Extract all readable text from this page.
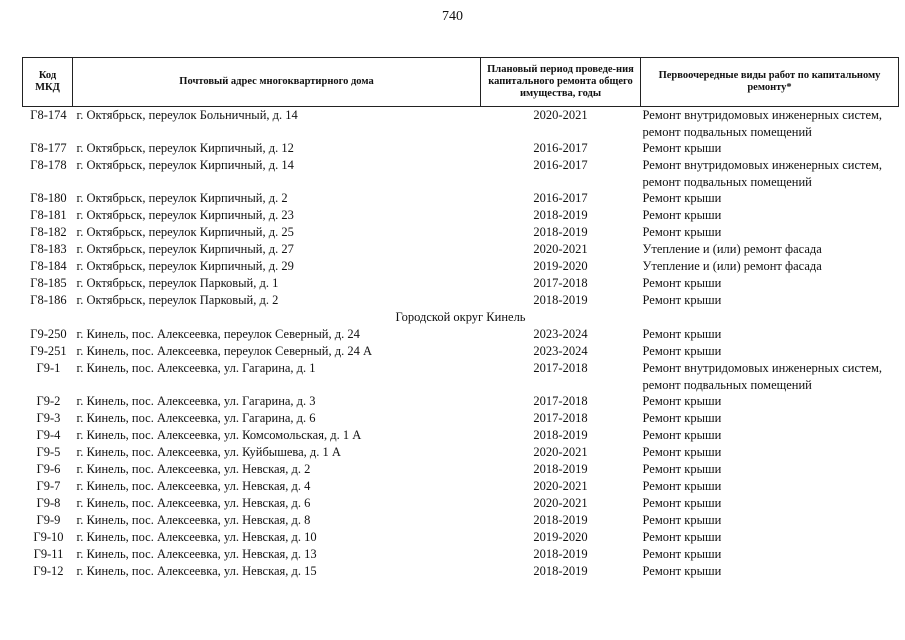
740
Код МКД	Почтовый адрес многоквартирного дома	Плановый период проведе-ния капитального ремонта общего имущества, годы	Первоочередные виды работ по капитальному ремонту*
Г8-174	г. Октябрьск, переулок Больничный, д. 14	2020-2021	Ремонт внутридомовых инженерных систем, ремонт подвальных помещений
Г8-177	г. Октябрьск, переулок Кирпичный, д. 12	2016-2017	Ремонт крыши
Г8-178	г. Октябрьск, переулок Кирпичный, д. 14	2016-2017	Ремонт внутридомовых инженерных систем, ремонт подвальных помещений
Г8-180	г. Октябрьск, переулок Кирпичный, д. 2	2016-2017	Ремонт крыши
Г8-181	г. Октябрьск, переулок Кирпичный, д. 23	2018-2019	Ремонт крыши
Г8-182	г. Октябрьск, переулок Кирпичный, д. 25	2018-2019	Ремонт крыши
Г8-183	г. Октябрьск, переулок Кирпичный, д. 27	2020-2021	Утепление и (или) ремонт фасада
Г8-184	г. Октябрьск, переулок Кирпичный, д. 29	2019-2020	Утепление и (или) ремонт фасада
Г8-185	г. Октябрьск, переулок Парковый, д. 1	2017-2018	Ремонт крыши
Г8-186	г. Октябрьск, переулок Парковый, д. 2	2018-2019	Ремонт крыши
Городской округ Кинель			
Г9-250	г. Кинель, пос. Алексеевка, переулок Северный, д. 24	2023-2024	Ремонт крыши
Г9-251	г. Кинель, пос. Алексеевка, переулок Северный, д. 24 А	2023-2024	Ремонт крыши
Г9-1	г. Кинель, пос. Алексеевка, ул. Гагарина, д. 1	2017-2018	Ремонт внутридомовых инженерных систем, ремонт подвальных помещений
Г9-2	г. Кинель, пос. Алексеевка, ул. Гагарина, д. 3	2017-2018	Ремонт крыши
Г9-3	г. Кинель, пос. Алексеевка, ул. Гагарина, д. 6	2017-2018	Ремонт крыши
Г9-4	г. Кинель, пос. Алексеевка, ул. Комсомольская, д. 1 А	2018-2019	Ремонт крыши
Г9-5	г. Кинель, пос. Алексеевка, ул. Куйбышева, д. 1 А	2020-2021	Ремонт крыши
Г9-6	г. Кинель, пос. Алексеевка, ул. Невская, д. 2	2018-2019	Ремонт крыши
Г9-7	г. Кинель, пос. Алексеевка, ул. Невская, д. 4	2020-2021	Ремонт крыши
Г9-8	г. Кинель, пос. Алексеевка, ул. Невская, д. 6	2020-2021	Ремонт крыши
Г9-9	г. Кинель, пос. Алексеевка, ул. Невская, д. 8	2018-2019	Ремонт крыши
Г9-10	г. Кинель, пос. Алексеевка, ул. Невская, д. 10	2019-2020	Ремонт крыши
Г9-11	г. Кинель, пос. Алексеевка, ул. Невская, д. 13	2018-2019	Ремонт крыши
Г9-12	г. Кинель, пос. Алексеевка, ул. Невская, д. 15	2018-2019	Ремонт крыши
